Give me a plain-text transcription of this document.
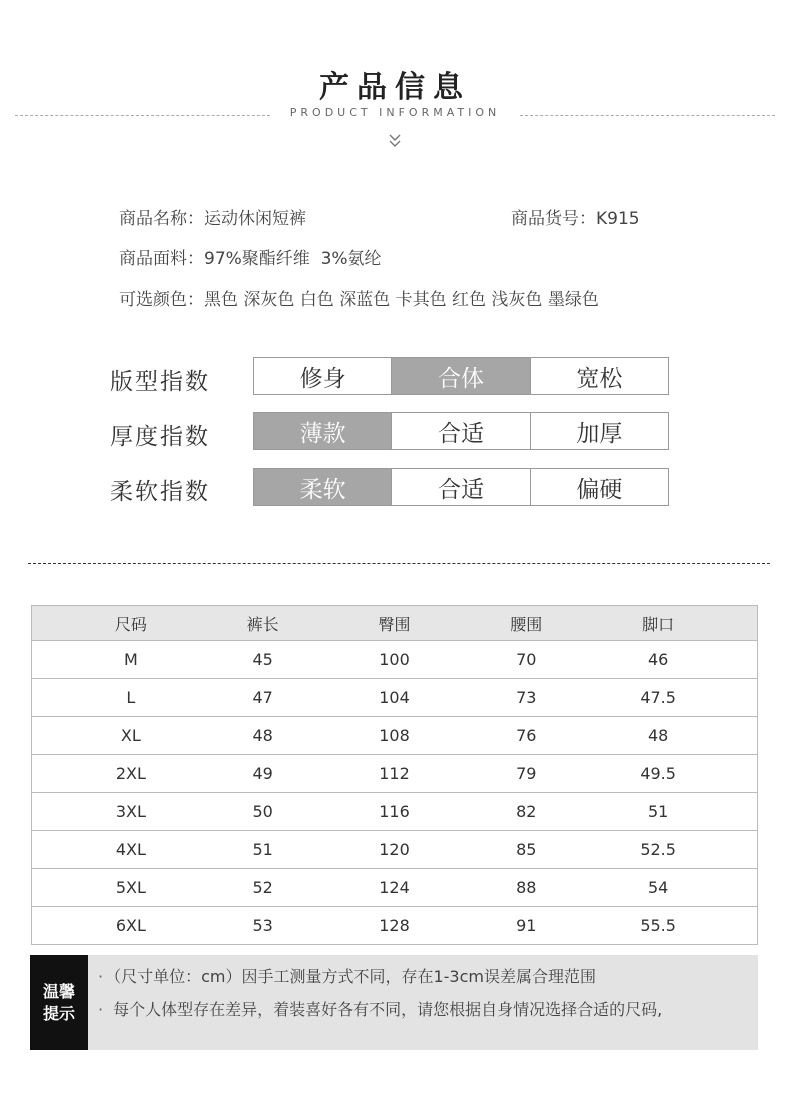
产品信息
PRODUCT INFORMATION
商品名称：运动休闲短裤	商品货号：K915
商品面料：97%聚酯纤维  3%氨纶
可选颜色：黑色 深灰色 白色 深蓝色 卡其色 红色 浅灰色 墨绿色
版型指数	修身	合体	宽松
厚度指数	薄款	合适	加厚
柔软指数	柔软	合适	偏硬
尺码	裤长	臀围	腰围	脚口
M	45	100	70	46
L	47	104	73	47.5
XL	48	108	76	48
2XL	49	112	79	49.5
3XL	50	116	82	51
4XL	51	120	85	52.5
5XL	52	124	88	54
6XL	53	128	91	55.5
温馨
提示
· （尺寸单位：cm）因手工测量方式不同，存在1-3cm误差属合理范围
· 每个人体型存在差异，着装喜好各有不同，请您根据自身情况选择合适的尺码,
